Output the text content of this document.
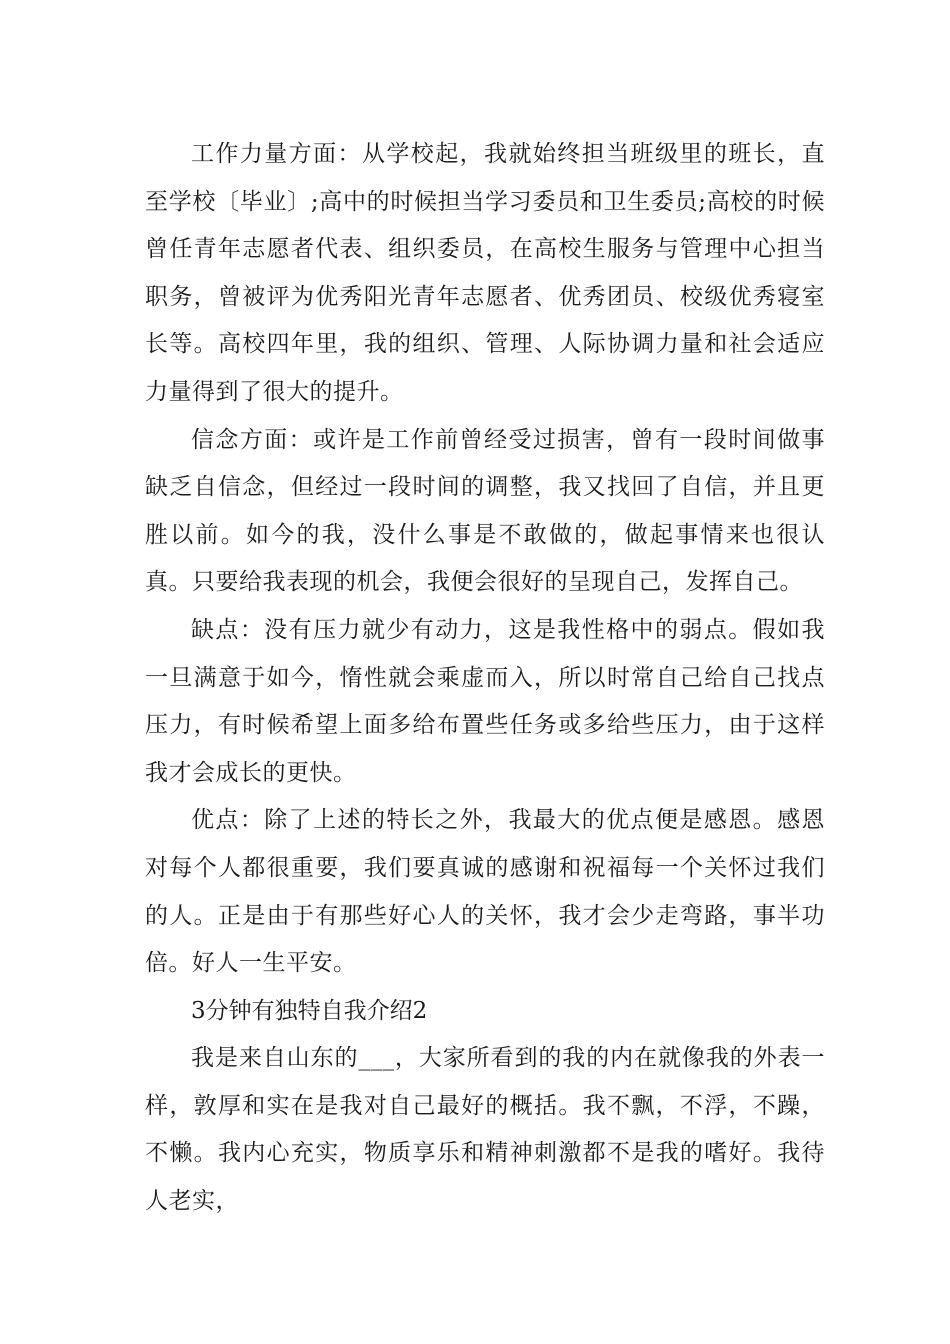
工作力量方面：从学校起，我就始终担当班级里的班长，直至学校〔毕业〕;高中的时候担当学习委员和卫生委员;高校的时候曾任青年志愿者代表、组织委员，在高校生服务与管理中心担当职务，曾被评为优秀阳光青年志愿者、优秀团员、校级优秀寝室长等。高校四年里，我的组织、管理、人际协调力量和社会适应力量得到了很大的提升。

信念方面：或许是工作前曾经受过损害，曾有一段时间做事缺乏自信念，但经过一段时间的调整，我又找回了自信，并且更胜以前。如今的我，没什么事是不敢做的，做起事情来也很认真。只要给我表现的机会，我便会很好的呈现自己，发挥自己。

缺点：没有压力就少有动力，这是我性格中的弱点。假如我一旦满意于如今，惰性就会乘虚而入，所以时常自己给自己找点压力，有时候希望上面多给布置些任务或多给些压力，由于这样我才会成长的更快。

优点：除了上述的特长之外，我最大的优点便是感恩。感恩对每个人都很重要，我们要真诚的感谢和祝福每一个关怀过我们的人。正是由于有那些好心人的关怀，我才会少走弯路，事半功倍。好人一生平安。

3分钟有独特自我介绍2

我是来自山东的___，大家所看到的我的内在就像我的外表一样，敦厚和实在是我对自己最好的概括。我不飘，不浮，不躁，不懒。我内心充实，物质享乐和精神刺激都不是我的嗜好。我待人老实，
